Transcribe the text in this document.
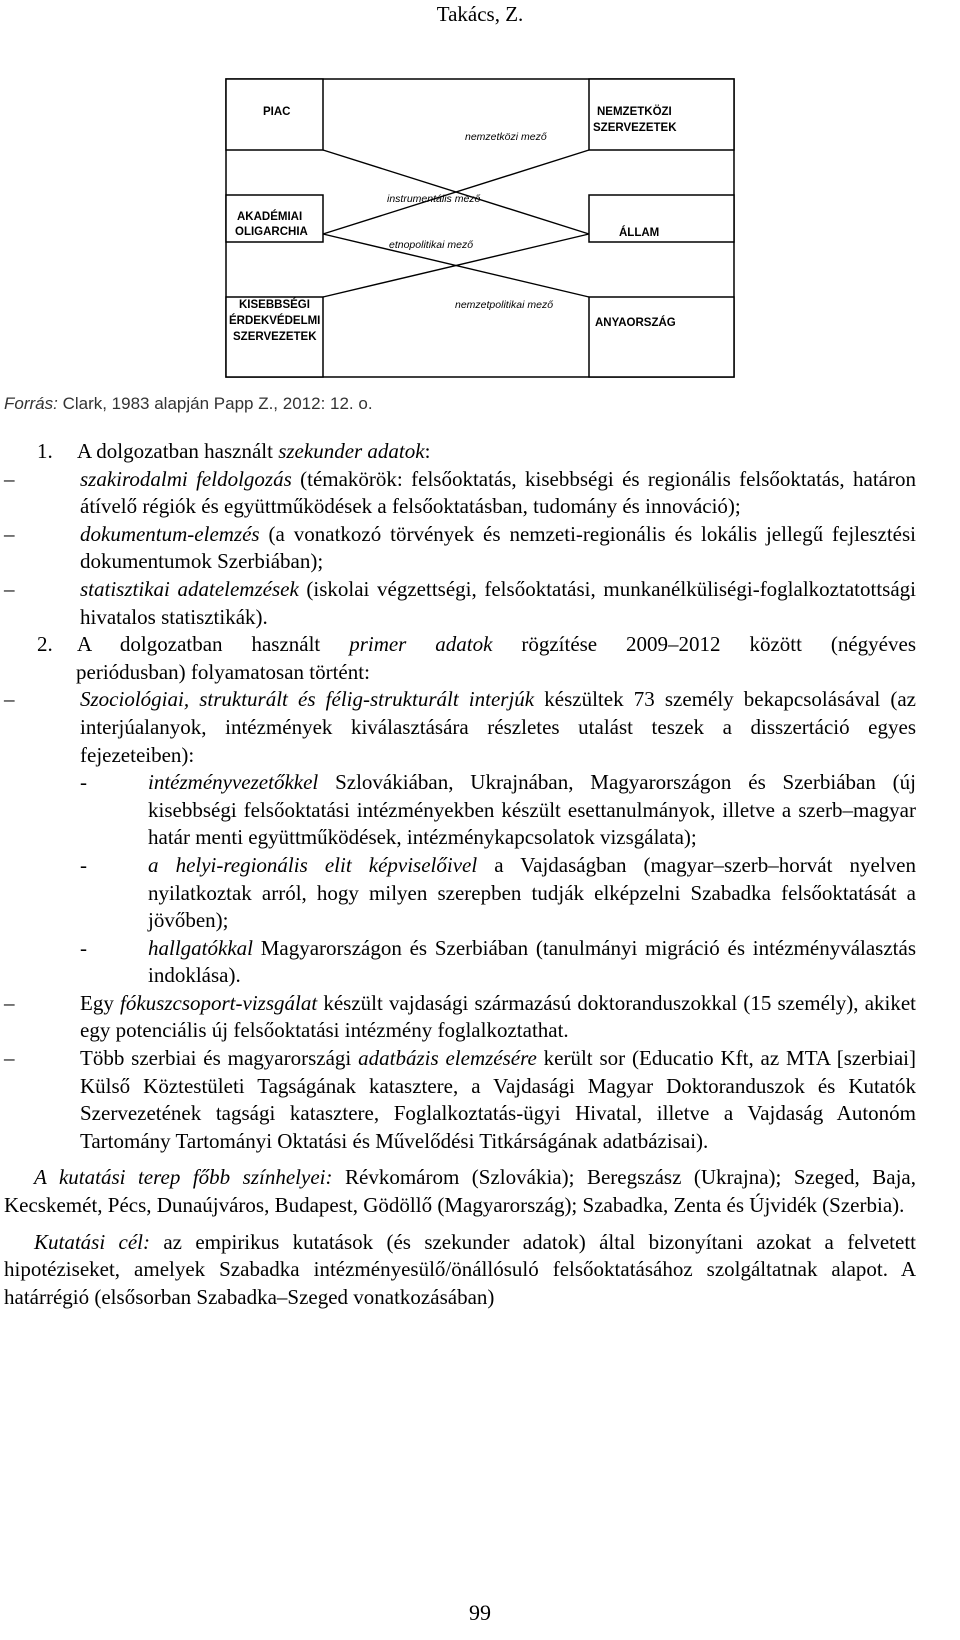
Takács, Z.
PIAC
AKADÉMIAI
OLIGARCHIA
KISEBBSÉGI
ÉRDEKVÉDELMI
SZERVEZETEK
NEMZETKÖZI
SZERVEZETEK
ÁLLAM
ANYAORSZÁG
nemzetközi mező
instrumentális mező
etnopolitikai mező
nemzetpolitikai mező
Forrás: Clark, 1983 alapján Papp Z., 2012: 12. o.
1.	A dolgozatban használt szekunder adatok:
–	szakirodalmi feldolgozás (témakörök: felsőoktatás, kisebbségi és regionális felsőoktatás, határon átívelő régiók és együttműködések a felsőoktatásban, tudomány és innováció);
–	dokumentum-elemzés (a vonatkozó törvények és nemzeti-regionális és lokális jellegű fejlesztési dokumentumok Szerbiában);
–	statisztikai adatelemzések (iskolai végzettségi, felsőoktatási, munkanélküliségi-foglalkoztatottsági hivatalos statisztikák).
2.	A dolgozatban használt primer adatok rögzítése 2009–2012 között (négyéves

periódusban) folyamatosan történt:

–	Szociológiai, strukturált és félig-strukturált interjúk készültek 73 személy bekapcsolásával (az interjúalanyok, intézmények kiválasztására részletes utalást teszek a disszertáció egyes fejezeteiben):
-	intézményvezetőkkel Szlovákiában, Ukrajnában, Magyarországon és Szerbiában (új kisebbségi felsőoktatási intézményekben készült esettanulmányok, illetve a szerb–magyar határ menti együttműködések, intézménykapcsolatok vizsgálata);
-	a helyi-regionális elit képviselőivel a Vajdaságban (magyar–szerb–horvát nyelven nyilatkoztak arról, hogy milyen szerepben tudják elképzelni Szabadka felsőoktatását a jövőben);
-	hallgatókkal Magyarországon és Szerbiában (tanulmányi migráció és intézményválasztás indoklása).
–	Egy fókuszcsoport-vizsgálat készült vajdasági származású doktoranduszokkal (15 személy), akiket egy potenciális új felsőoktatási intézmény foglalkoztathat.
–	Több szerbiai és magyarországi adatbázis elemzésére került sor (Educatio Kft, az MTA [szerbiai] Külső Köztestületi Tagságának katasztere, a Vajdasági Magyar Doktoranduszok és Kutatók Szervezetének tagsági katasztere, Foglalkoztatás-ügyi Hivatal, illetve a Vajdaság Autonóm Tartomány Tartományi Oktatási és Művelődési Titkárságának adatbázisai).

A kutatási terep főbb színhelyei: Révkomárom (Szlovákia); Beregszász (Ukrajna); Szeged, Baja, Kecskemét, Pécs, Dunaújváros, Budapest, Gödöllő (Magyarország); Szabadka, Zenta és Újvidék (Szerbia).

Kutatási cél: az empirikus kutatások (és szekunder adatok) által bizonyítani azokat a felvetett hipotéziseket, amelyek Szabadka intézményesülő/önállósuló felsőoktatásához szolgáltatnak alapot. A határrégió (elsősorban Szabadka–Szeged vonatkozásában)

99
